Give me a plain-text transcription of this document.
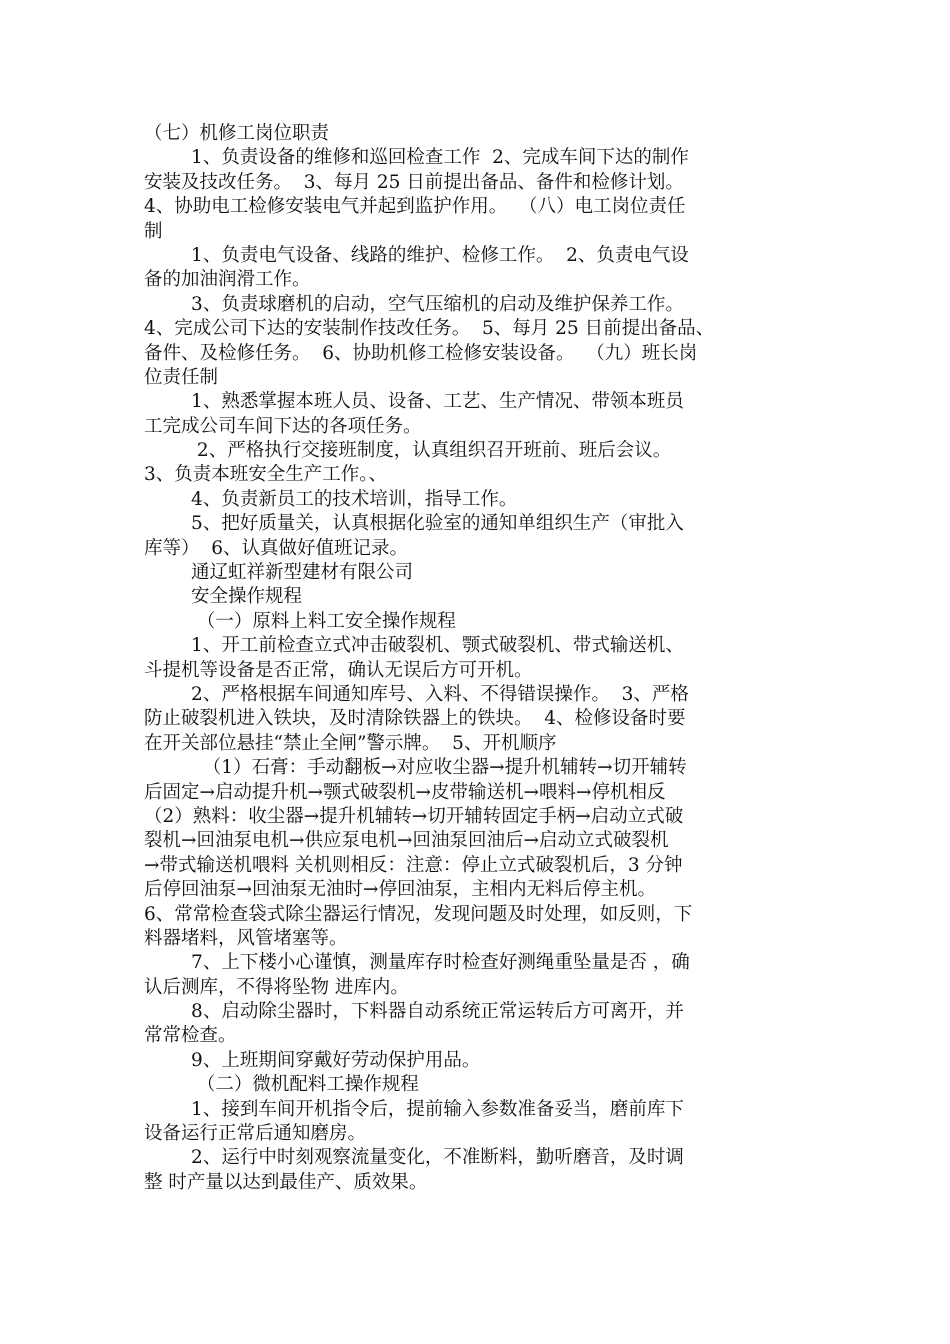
（七）机修工岗位职责
1、负责设备的维修和巡回检查工作  2、完成车间下达的制作
安装及技改任务。  3、每月 25 日前提出备品、备件和检修计划。
4、协助电工检修安装电气并起到监护作用。  （八）电工岗位责任
制
1、负责电气设备、线路的维护、检修工作。  2、负责电气设
备的加油润滑工作。
3、负责球磨机的启动，空气压缩机的启动及维护保养工作。
4、完成公司下达的安装制作技改任务。  5、每月 25 日前提出备品、
备件、及检修任务。  6、协助机修工检修安装设备。  （九）班长岗
位责任制
1、熟悉掌握本班人员、设备、工艺、生产情况、带领本班员
工完成公司车间下达的各项任务。
2、严格执行交接班制度，认真组织召开班前、班后会议。
3、负责本班安全生产工作。、
4、负责新员工的技术培训，指导工作。
5、把好质量关，认真根据化验室的通知单组织生产（审批入
库等）  6、认真做好值班记录。
通辽虹祥新型建材有限公司
安全操作规程
（一）原料上料工安全操作规程
1、开工前检查立式冲击破裂机、颚式破裂机、带式输送机、
斗提机等设备是否正常，确认无误后方可开机。
2、严格根据车间通知库号、入料、不得错误操作。  3、严格
防止破裂机进入铁块，及时清除铁器上的铁块。  4、检修设备时要
在开关部位悬挂“禁止全闸”警示牌。  5、开机顺序
（1）石膏：手动翻板→对应收尘器→提升机辅转→切开辅转
后固定→启动提升机→颚式破裂机→皮带输送机→喂料→停机相反
（2）熟料：收尘器→提升机辅转→切开辅转固定手柄→启动立式破
裂机→回油泵电机→供应泵电机→回油泵回油后→启动立式破裂机
→带式输送机喂料 关机则相反：注意：停止立式破裂机后，3 分钟
后停回油泵→回油泵无油时→停回油泵，主相内无料后停主机。
6、常常检查袋式除尘器运行情况，发现问题及时处理，如反则，下
料器堵料，风管堵塞等。
7、上下楼小心谨慎，测量库存时检查好测绳重坠量是否 ，确
认后测库，不得将坠物 进库内。
8、启动除尘器时，下料器自动系统正常运转后方可离开，并
常常检查。
9、上班期间穿戴好劳动保护用品。
（二）微机配料工操作规程
1、接到车间开机指令后，提前输入参数准备妥当，磨前库下
设备运行正常后通知磨房。
2、运行中时刻观察流量变化，不准断料，勤听磨音，及时调
整 时产量以达到最佳产、质效果。
